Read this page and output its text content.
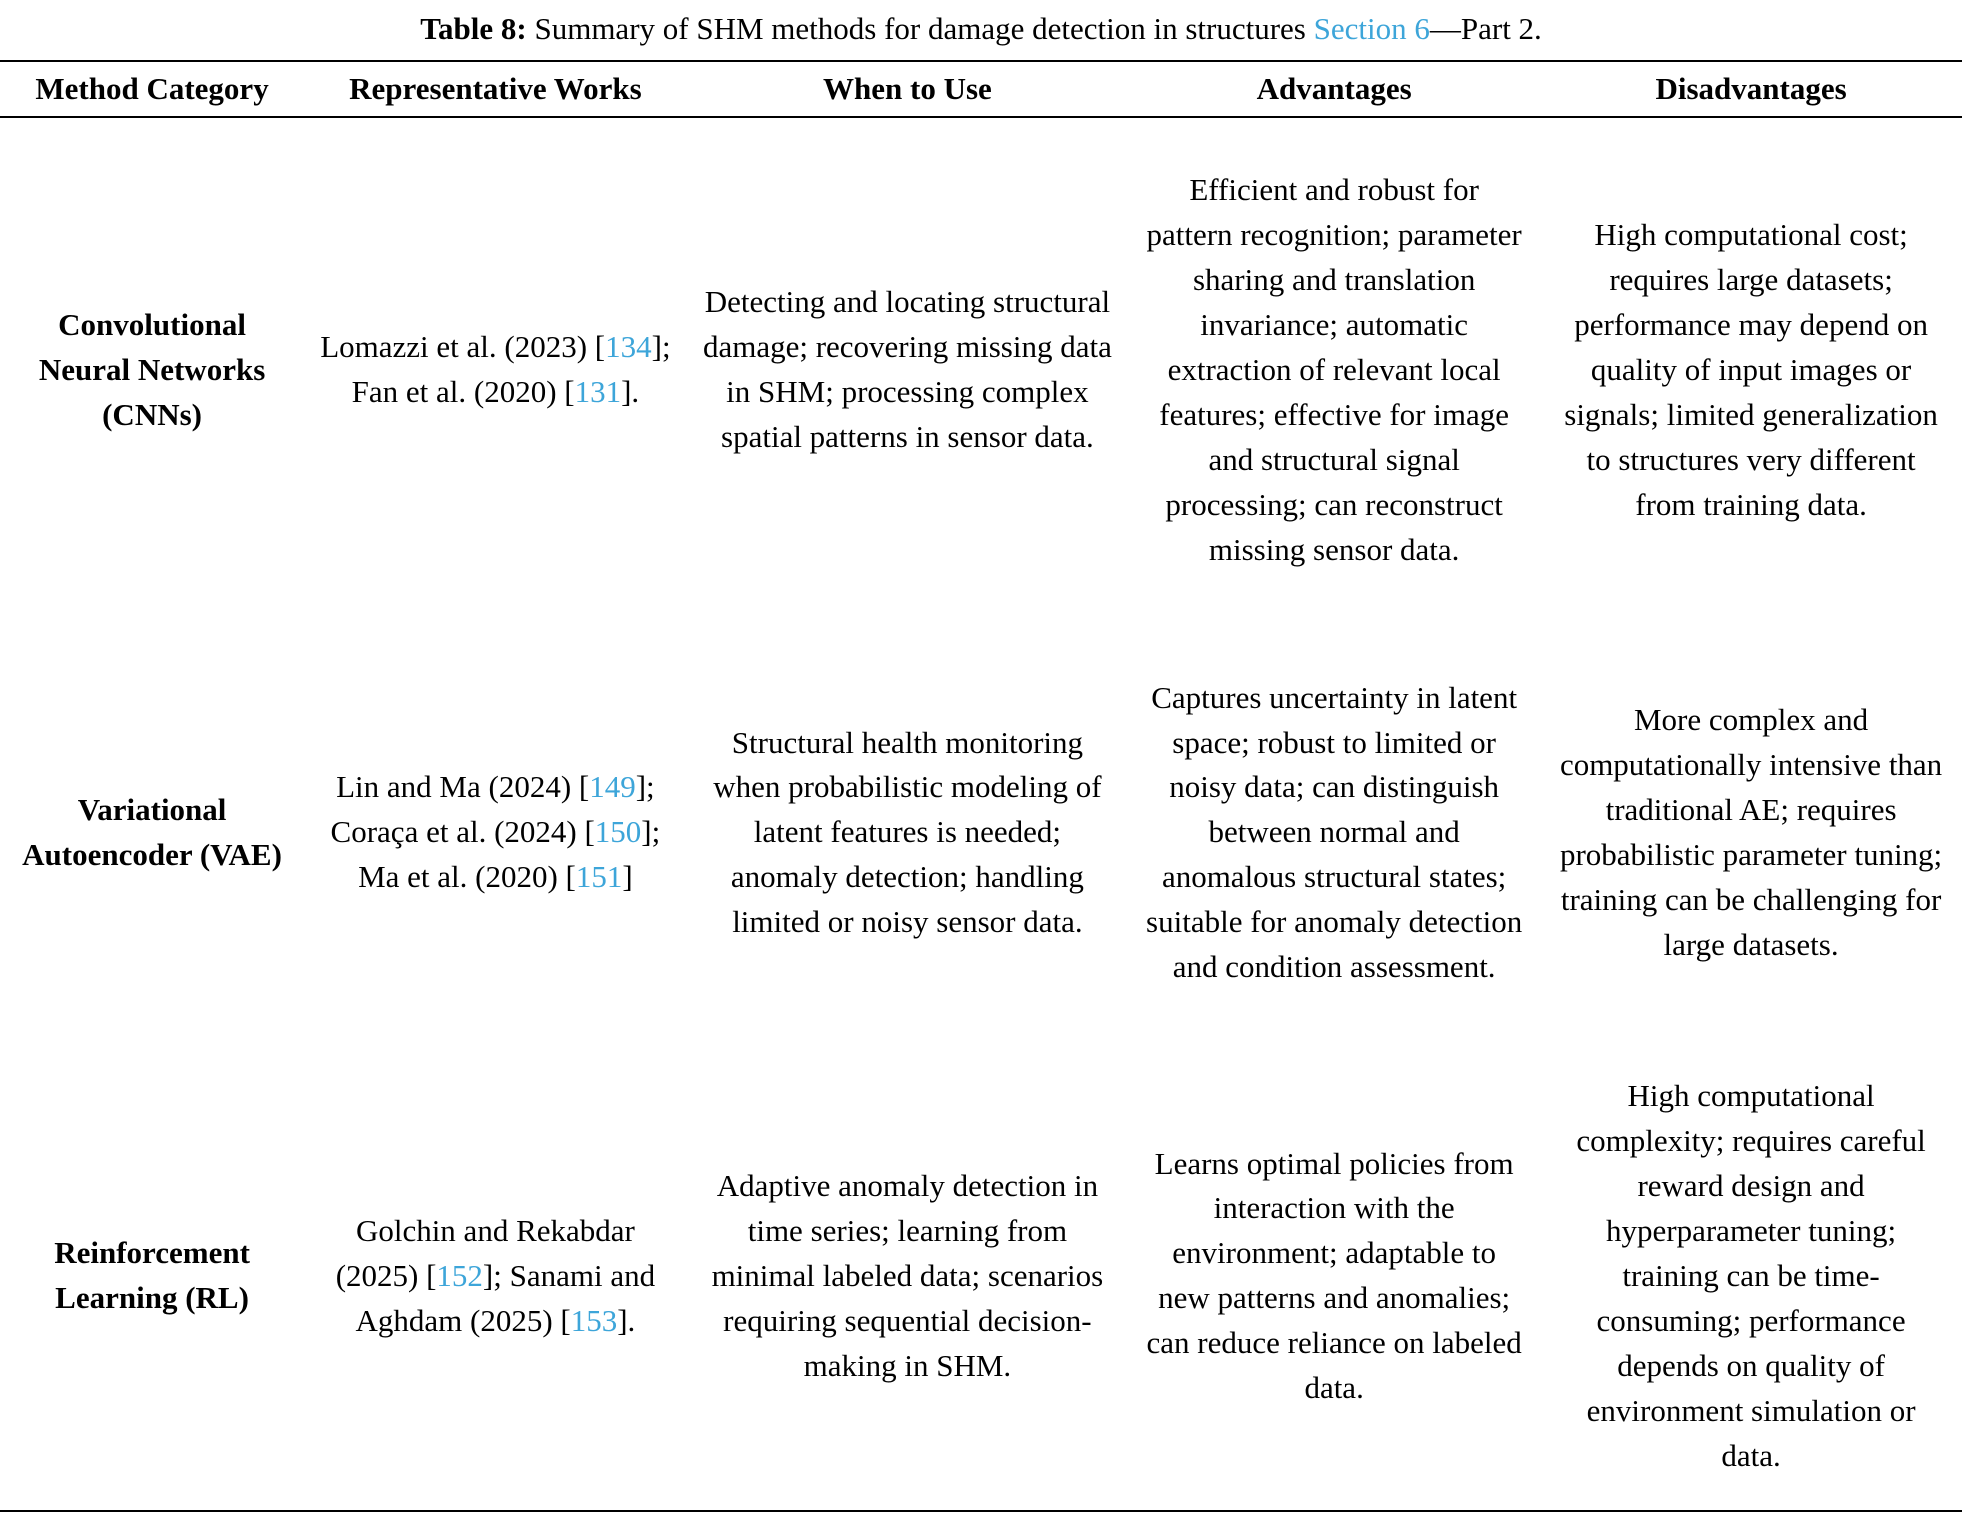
Table 8: Summary of SHM methods for damage detection in structures Section 6—Part 2.
Method Category	Representative Works	When to Use	Advantages	Disadvantages
Convolutional Neural Networks (CNNs)	Lomazzi et al. (2023) [134]; Fan et al. (2020) [131].	Detecting and locating structural damage; recovering missing data in SHM; processing complex spatial patterns in sensor data.	Efficient and robust for pattern recognition; parameter sharing and translation invariance; automatic extraction of relevant local features; effective for image and structural signal processing; can reconstruct missing sensor data.	High computational cost; requires large datasets; performance may depend on quality of input images or signals; limited generalization to structures very different from training data.
Variational Autoencoder (VAE)	Lin and Ma (2024) [149]; Coraça et al. (2024) [150]; Ma et al. (2020) [151]	Structural health monitoring when probabilistic modeling of latent features is needed; anomaly detection; handling limited or noisy sensor data.	Captures uncertainty in latent space; robust to limited or noisy data; can distinguish between normal and anomalous structural states; suitable for anomaly detection and condition assessment.	More complex and computationally intensive than traditional AE; requires probabilistic parameter tuning; training can be challenging for large datasets.
Reinforcement Learning (RL)	Golchin and Rekabdar (2025) [152]; Sanami and Aghdam (2025) [153].	Adaptive anomaly detection in time series; learning from minimal labeled data; scenarios requiring sequential decision-making in SHM.	Learns optimal policies from interaction with the environment; adaptable to new patterns and anomalies; can reduce reliance on labeled data.	High computational complexity; requires careful reward design and hyperparameter tuning; training can be time-consuming; performance depends on quality of environment simulation or data.
